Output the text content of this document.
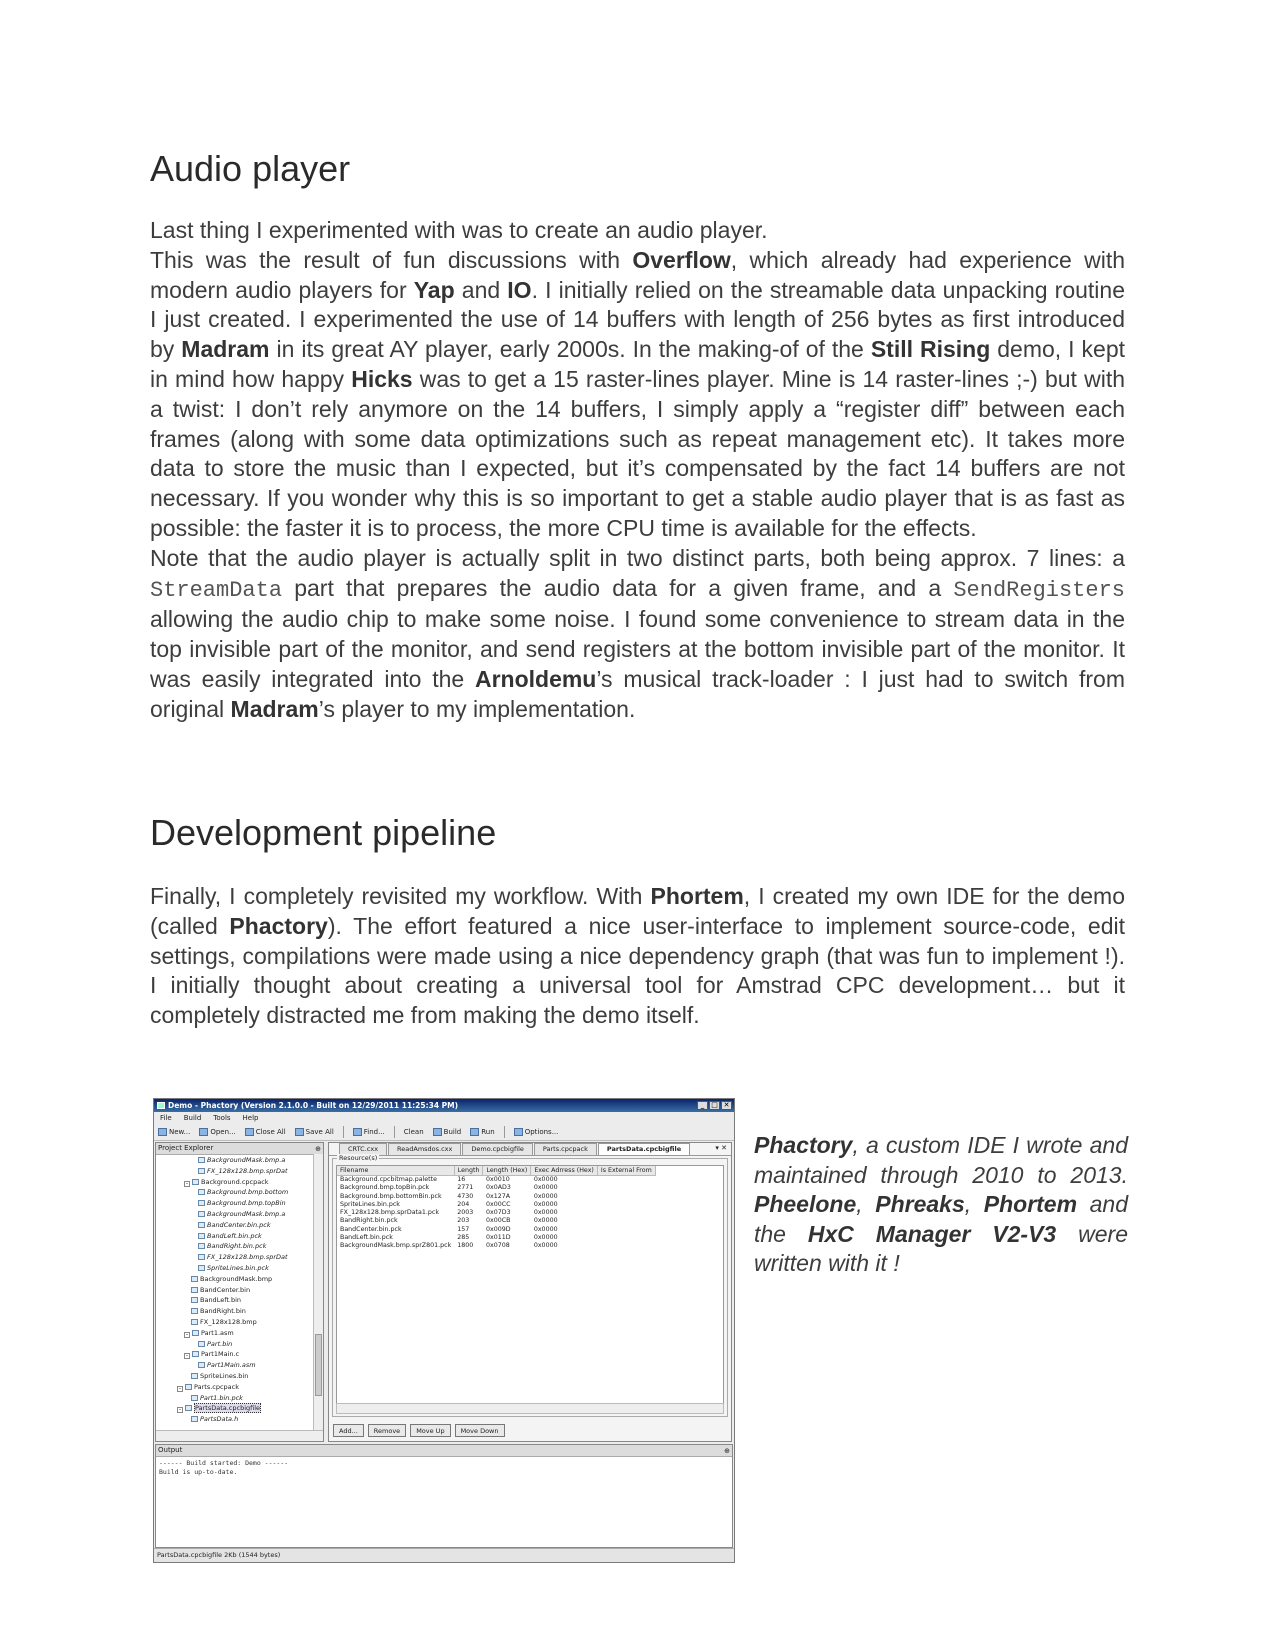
Audio player

Last thing I experimented with was to create an audio player.
This was the result of fun discussions with Overflow, which already had experience with modern audio players for Yap and IO. I initially relied on the streamable data unpacking routine I just created. I experimented the use of 14 buffers with length of 256 bytes as first introduced by Madram in its great AY player, early 2000s. In the making-of of the Still Rising demo, I kept in mind how happy Hicks was to get a 15 raster-lines player. Mine is 14 raster-lines ;-) but with a twist: I don’t rely anymore on the 14 buffers, I simply apply a “register diff” between each frames (along with some data optimizations such as repeat management etc). It takes more data to store the music than I expected, but it’s compensated by the fact 14 buffers are not necessary. If you wonder why this is so important to get a stable audio player that is as fast as possible: the faster it is to process, the more CPU time is available for the effects.
Note that the audio player is actually split in two distinct parts, both being approx. 7 lines: a StreamData part that prepares the audio data for a given frame, and a SendRegisters allowing the audio chip to make some noise. I found some convenience to stream data in the top invisible part of the monitor, and send registers at the bottom invisible part of the monitor. It was easily integrated into the Arnoldemu’s musical track-loader : I just had to switch from original Madram’s player to my implementation.

Development pipeline

Finally, I completely revisited my workflow. With Phortem, I created my own IDE for the demo (called Phactory). The effort featured a nice user-interface to implement source-code, edit settings, compilations were made using a nice dependency graph (that was fun to implement !). I initially thought about creating a universal tool for Amstrad CPC development… but it completely distracted me from making the demo itself.

Demo - Phactory (Version 2.1.0.0 - Built on 12/29/2011 11:25:34 PM)	_ □ ✕
File Build Tools Help
New...	Open...	Close All	Save All	Find...	Clean	Build	Run	Options...
Project Explorer	⊕
BackgroundMask.bmp.a
FX_128x128.bmp.sprDat
- Background.cpcpack
Background.bmp.bottom
Background.bmp.topBin
BackgroundMask.bmp.a
BandCenter.bin.pck
BandLeft.bin.pck
BandRight.bin.pck
FX_128x128.bmp.sprDat
SpriteLines.bin.pck
BackgroundMask.bmp
BandCenter.bin
BandLeft.bin
BandRight.bin
FX_128x128.bmp
- Part1.asm
Part.bin
- Part1Main.c
Part1Main.asm
SpriteLines.bin
- Parts.cpcpack
Part1.bin.pck
- PartsData.cpcbigfile
PartsData.h
CRTC.cxx	ReadAmsdos.cxx	Demo.cpcbigfile	Parts.cpcpack	PartsData.cpcbigfile	▾ ✕
Resource(s)
Filename	Length	Length (Hex)	Exec Adrress (Hex)	Is External From
Background.cpcbitmap.palette	16	0x0010	0x0000	
Background.bmp.topBin.pck	2771	0x0AD3	0x0000	
Background.bmp.bottomBin.pck	4730	0x127A	0x0000	
SpriteLines.bin.pck	204	0x00CC	0x0000	
FX_128x128.bmp.sprData1.pck	2003	0x07D3	0x0000	
BandRight.bin.pck	203	0x00CB	0x0000	
BandCenter.bin.pck	157	0x009D	0x0000	
BandLeft.bin.pck	285	0x011D	0x0000	
BackgroundMask.bmp.sprZ801.pck	1800	0x0708	0x0000	
Add...	Remove	Move Up	Move Down
Output	⊕
------ Build started: Demo ------
Build is up-to-date.
PartsData.cpcbigfile 2Kb (1544 bytes)

Phactory, a custom IDE I wrote and maintained through 2010 to 2013. Pheelone, Phreaks, Phortem and the HxC Manager V2-V3 were written with it !
